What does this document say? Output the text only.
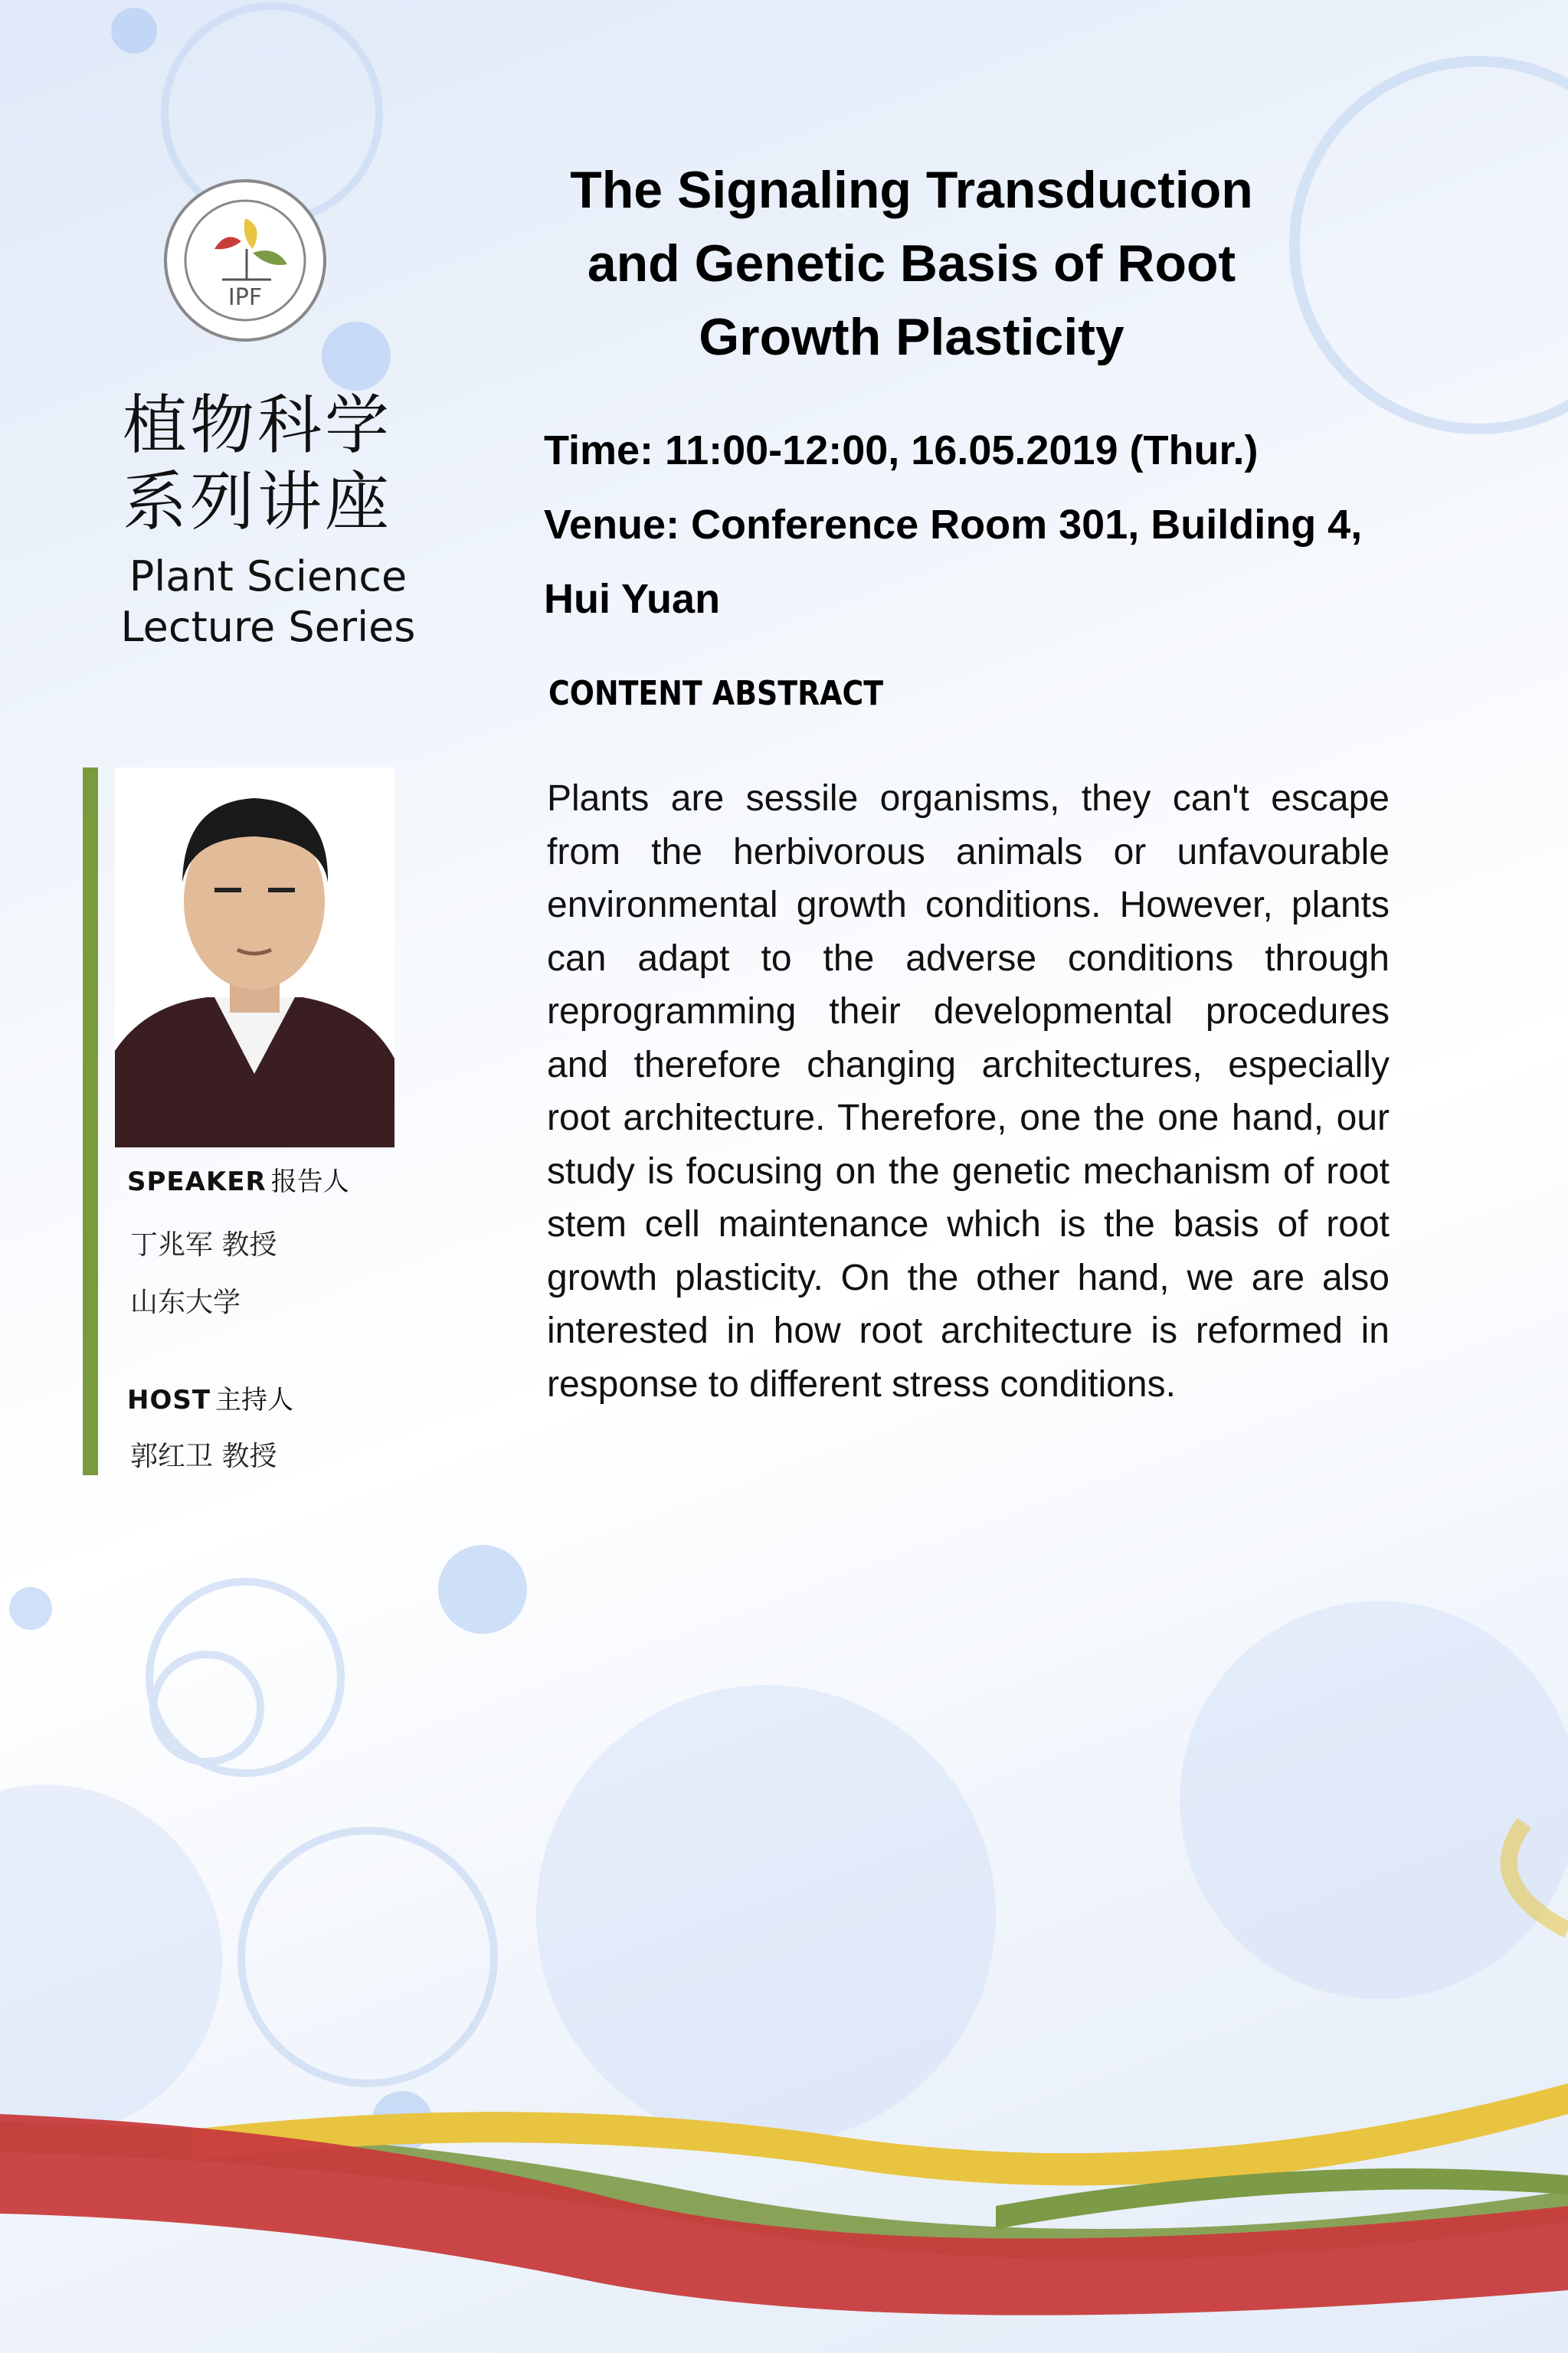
IPF
植物科学
系列讲座
Plant Science
Lecture Series
SPEAKER 报告人
丁兆军 教授
山东大学
HOST 主持人
郭红卫 教授
The Signaling Transduction
and Genetic Basis of Root
Growth Plasticity
Time: 11:00-12:00, 16.05.2019 (Thur.)
Venue: Conference Room 301, Building 4,
Hui Yuan
CONTENT ABSTRACT

Plants are sessile organisms, they can't escape from the herbivorous animals or unfavourable environmental growth conditions. However, plants can adapt to the adverse conditions through reprogramming their developmental procedures and therefore changing architectures, especially root architecture. Therefore, one the one hand, our study is focusing on the genetic mechanism of root stem cell maintenance which is the basis of root growth plasticity. On the other hand, we are also interested in how root architecture is reformed in response to different stress conditions.
